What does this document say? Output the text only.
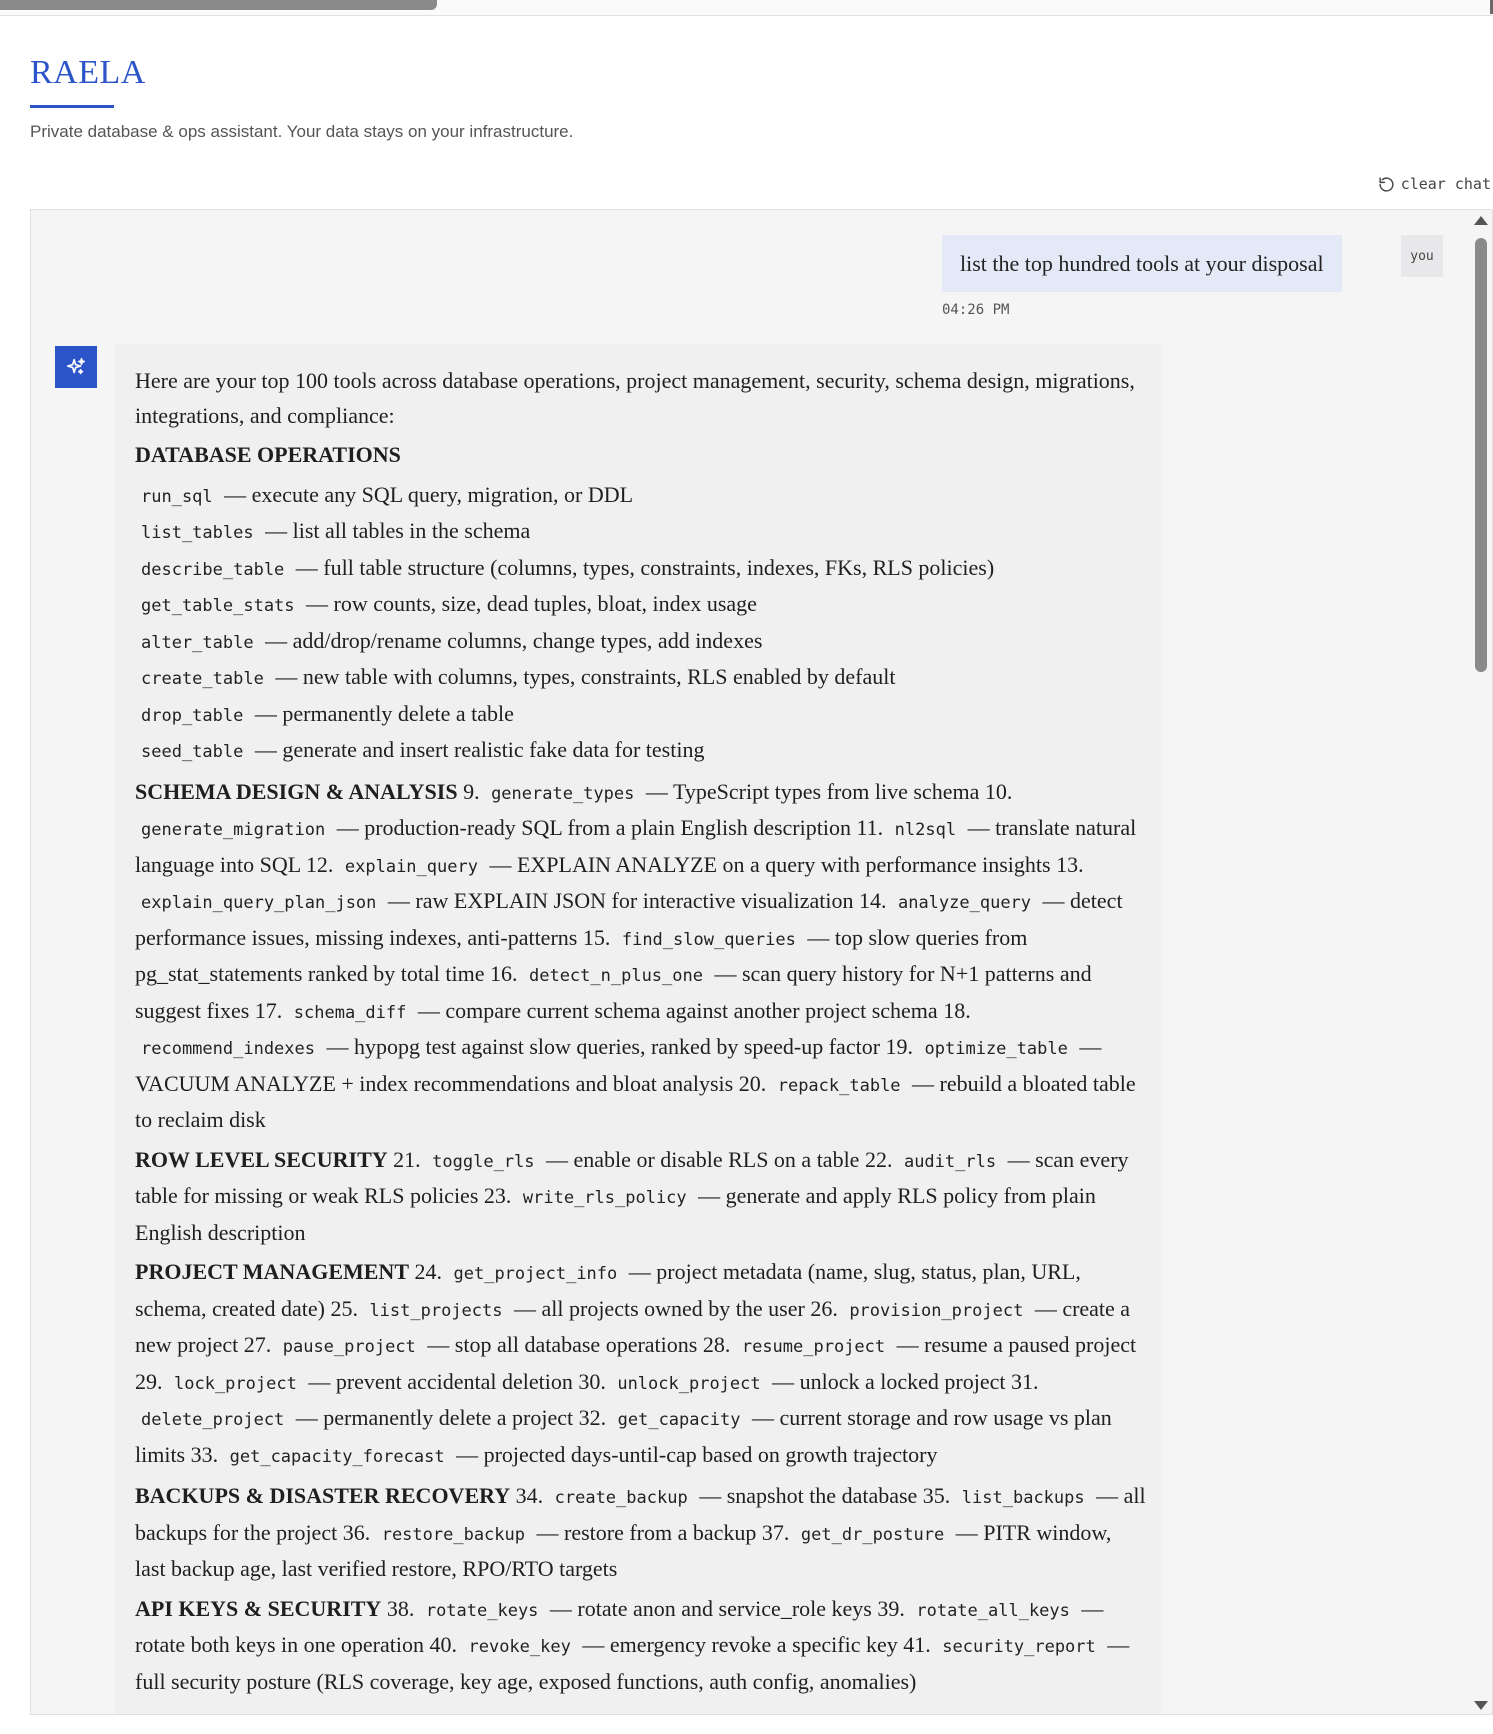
RAELA
Private database & ops assistant. Your data stays on your infrastructure.
clear chat
list the top hundred tools at your disposal	you
04:26 PM

Here are your top 100 tools across database operations, project management, security, schema design, migrations, integrations, and compliance:

DATABASE OPERATIONS

run_sql — execute any SQL query, migration, or DDL
list_tables — list all tables in the schema
describe_table — full table structure (columns, types, constraints, indexes, FKs, RLS policies)
get_table_stats — row counts, size, dead tuples, bloat, index usage
alter_table — add/drop/rename columns, change types, add indexes
create_table — new table with columns, types, constraints, RLS enabled by default
drop_table — permanently delete a table
seed_table — generate and insert realistic fake data for testing

SCHEMA DESIGN & ANALYSIS 9. generate_types — TypeScript types from live schema 10. generate_migration — production-ready SQL from a plain English description 11. nl2sql — translate natural language into SQL 12. explain_query — EXPLAIN ANALYZE on a query with performance insights 13. explain_query_plan_json — raw EXPLAIN JSON for interactive visualization 14. analyze_query — detect performance issues, missing indexes, anti-patterns 15. find_slow_queries — top slow queries from pg_stat_statements ranked by total time 16. detect_n_plus_one — scan query history for N+1 patterns and suggest fixes 17. schema_diff — compare current schema against another project schema 18. recommend_indexes — hypopg test against slow queries, ranked by speed-up factor 19. optimize_table — VACUUM ANALYZE + index recommendations and bloat analysis 20. repack_table — rebuild a bloated table to reclaim disk

ROW LEVEL SECURITY 21. toggle_rls — enable or disable RLS on a table 22. audit_rls — scan every table for missing or weak RLS policies 23. write_rls_policy — generate and apply RLS policy from plain English description

PROJECT MANAGEMENT 24. get_project_info — project metadata (name, slug, status, plan, URL, schema, created date) 25. list_projects — all projects owned by the user 26. provision_project — create a new project 27. pause_project — stop all database operations 28. resume_project — resume a paused project 29. lock_project — prevent accidental deletion 30. unlock_project — unlock a locked project 31. delete_project — permanently delete a project 32. get_capacity — current storage and row usage vs plan limits 33. get_capacity_forecast — projected days-until-cap based on growth trajectory

BACKUPS & DISASTER RECOVERY 34. create_backup — snapshot the database 35. list_backups — all backups for the project 36. restore_backup — restore from a backup 37. get_dr_posture — PITR window, last backup age, last verified restore, RPO/RTO targets

API KEYS & SECURITY 38. rotate_keys — rotate anon and service_role keys 39. rotate_all_keys — rotate both keys in one operation 40. revoke_key — emergency revoke a specific key 41. security_report — full security posture (RLS coverage, key age, exposed functions, auth config, anomalies)
